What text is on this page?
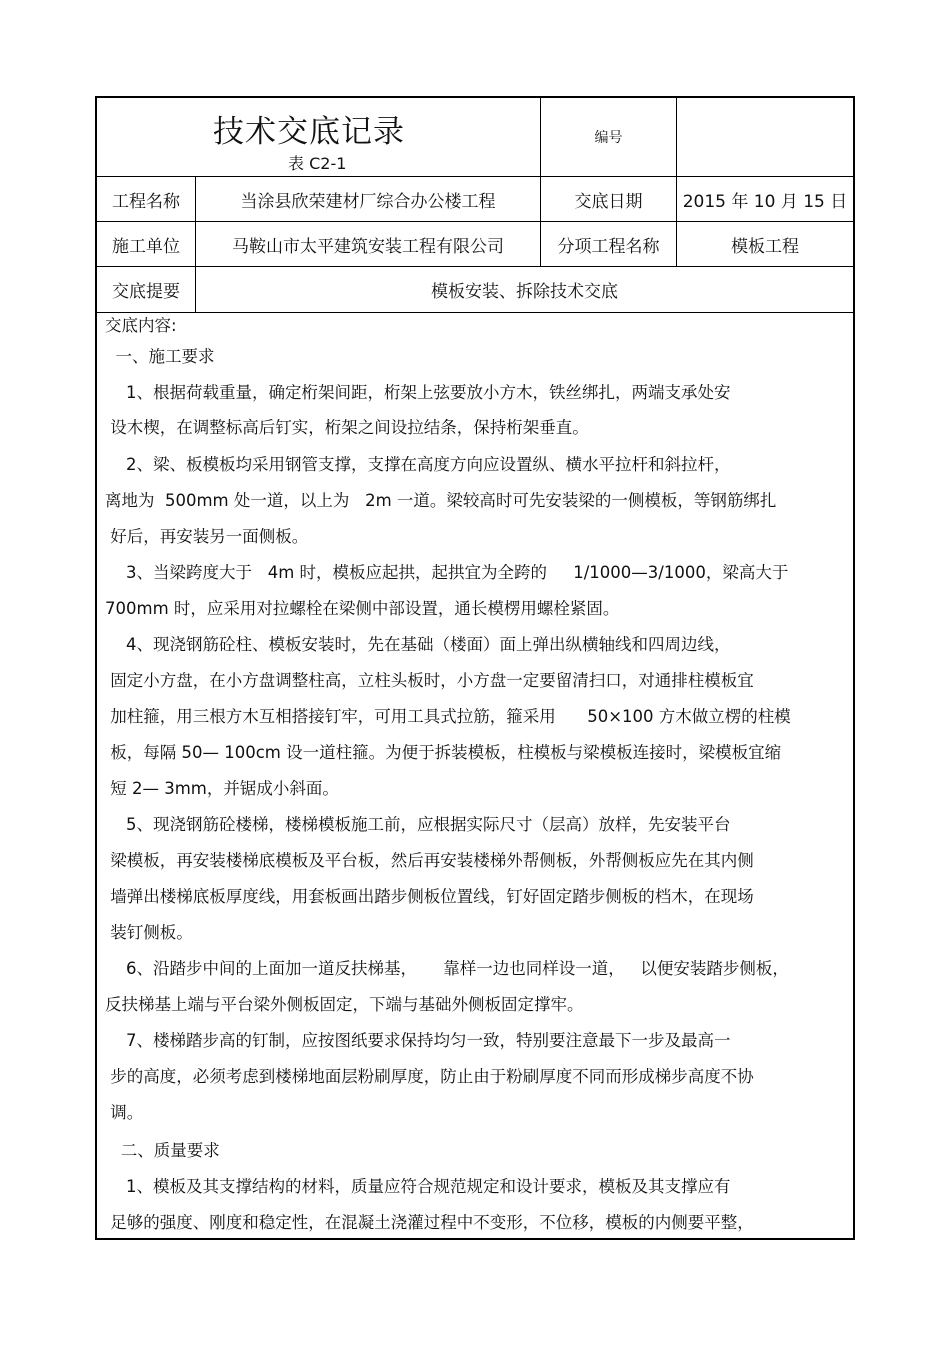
技术交底记录
表 C2-1
编号
工程名称	当涂县欣荣建材厂综合办公楼工程	交底日期	2015 年 10 月 15 日
施工单位	马鞍山市太平建筑安装工程有限公司	分项工程名称	模板工程
交底提要	模板安装、拆除技术交底
交底内容:
一、施工要求
1、根据荷载重量，确定桁架间距，桁架上弦要放小方木，铁丝绑扎，两端支承处安
设木楔，在调整标高后钉实，桁架之间设拉结条，保持桁架垂直。
2、梁、板模板均采用钢管支撑，支撑在高度方向应设置纵、横水平拉杆和斜拉杆，
离地为  500mm 处一道，以上为   2m 一道。梁较高时可先安装梁的一侧模板，等钢筋绑扎
好后，再安装另一面侧板。
3、当梁跨度大于   4m 时，模板应起拱，起拱宜为全跨的     1/1000—3/1000，梁高大于
700mm 时，应采用对拉螺栓在梁侧中部设置，通长模楞用螺栓紧固。
4、现浇钢筋砼柱、模板安装时，先在基础（楼面）面上弹出纵横轴线和四周边线，
固定小方盘，在小方盘调整柱高，立柱头板时，小方盘一定要留清扫口，对通排柱模板宜
加柱箍，用三根方木互相搭接钉牢，可用工具式拉筋，箍采用      50×100 方木做立楞的柱模
板，每隔 50— 100cm 设一道柱箍。为便于拆装模板，柱模板与梁模板连接时，梁模板宜缩
短 2— 3mm，并锯成小斜面。
5、现浇钢筋砼楼梯，楼梯模板施工前，应根据实际尺寸（层高）放样，先安装平台
梁模板，再安装楼梯底模板及平台板，然后再安装楼梯外帮侧板，外帮侧板应先在其内侧
墙弹出楼梯底板厚度线，用套板画出踏步侧板位置线，钉好固定踏步侧板的档木，在现场
装钉侧板。
6、沿踏步中间的上面加一道反扶梯基，     靠样一边也同样设一道，   以便安装踏步侧板，
反扶梯基上端与平台梁外侧板固定，下端与基础外侧板固定撑牢。
7、楼梯踏步高的钉制，应按图纸要求保持均匀一致，特别要注意最下一步及最高一
步的高度，必须考虑到楼梯地面层粉刷厚度，防止由于粉刷厚度不同而形成梯步高度不协
调。
二、质量要求
1、模板及其支撑结构的材料，质量应符合规范规定和设计要求，模板及其支撑应有
足够的强度、刚度和稳定性，在混凝土浇灌过程中不变形，不位移，模板的内侧要平整，
